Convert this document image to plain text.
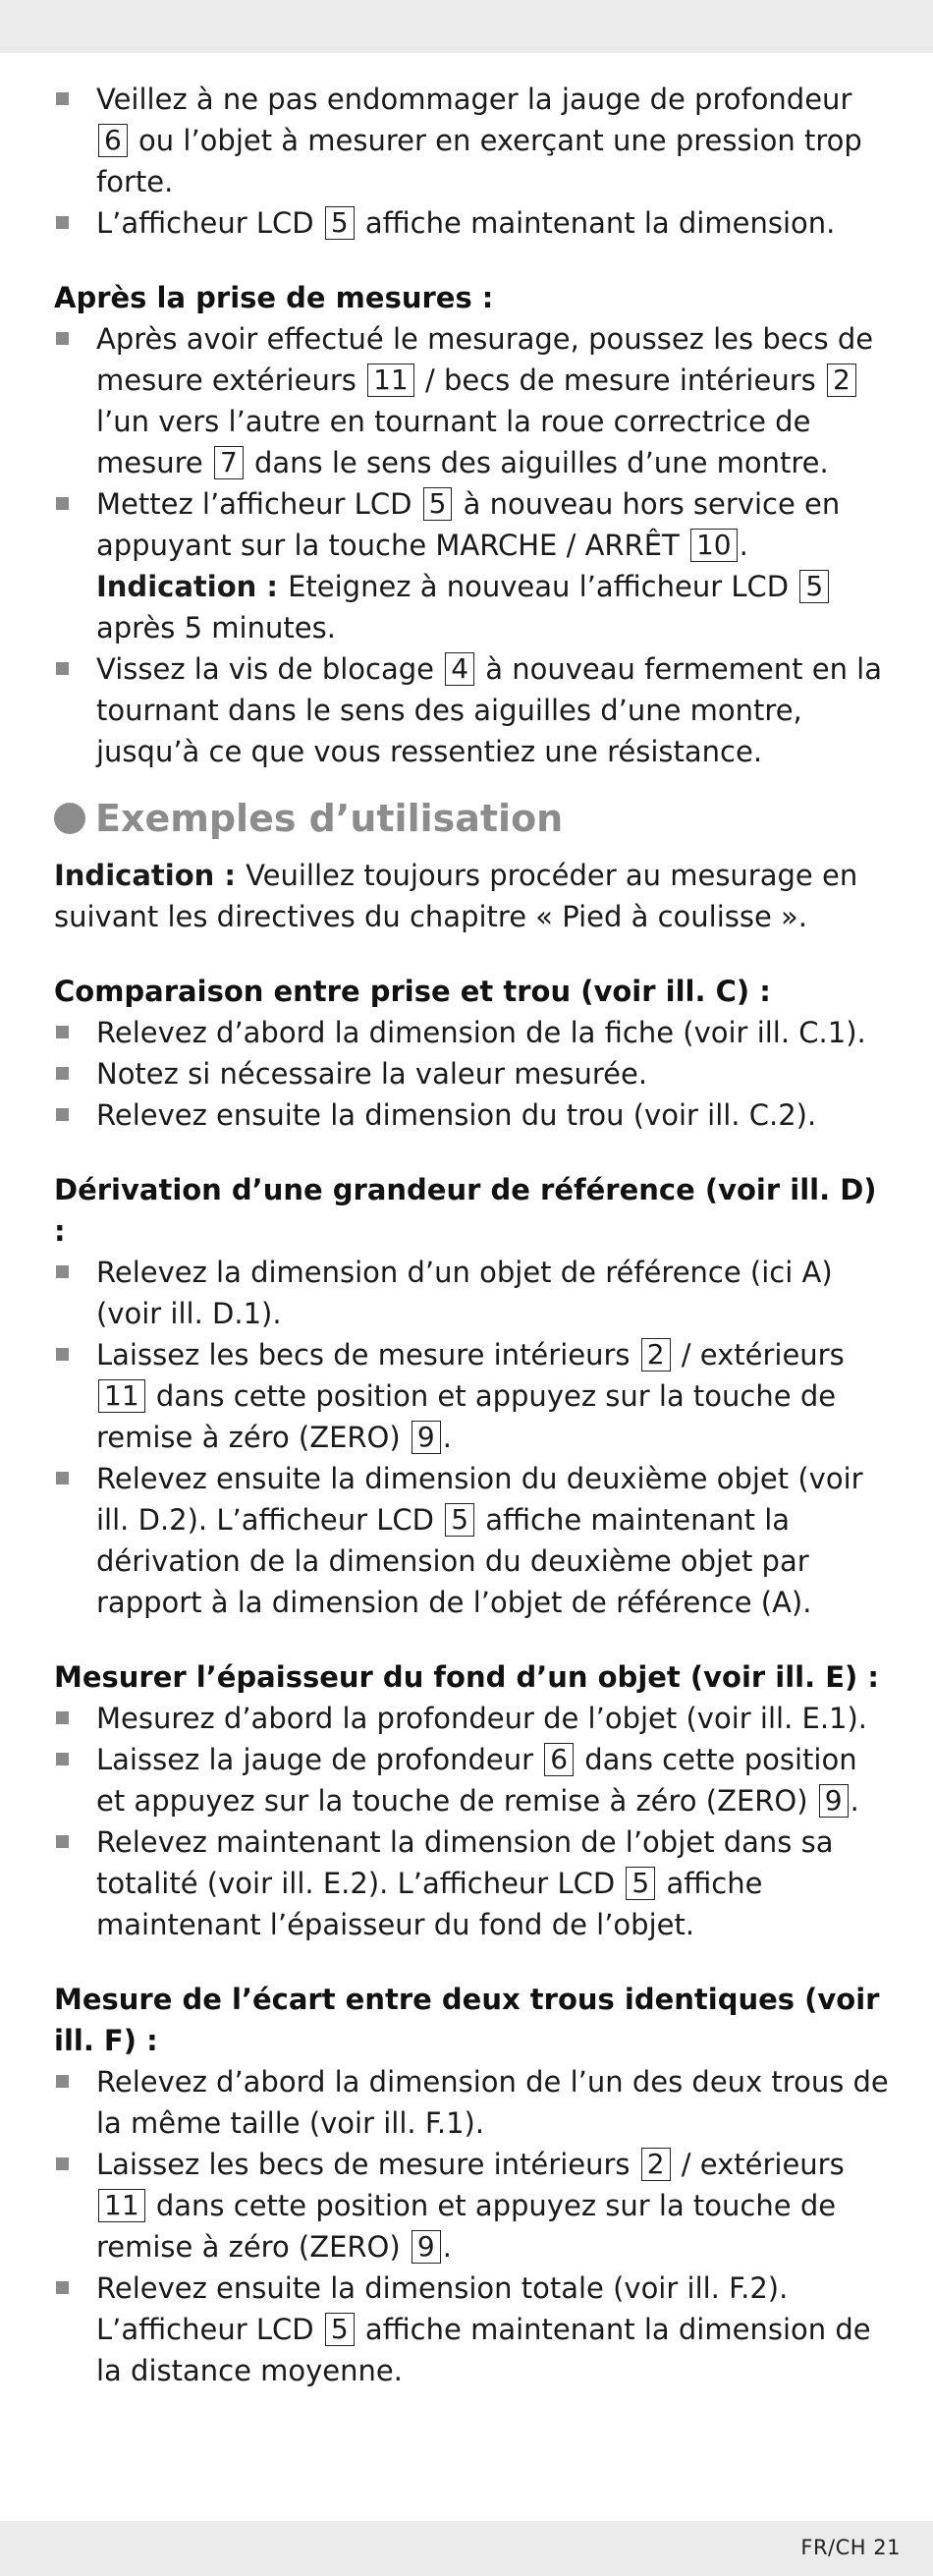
Veillez à ne pas endommager la jauge de profondeur 6 ou l’objet à mesurer en exerçant une pression trop forte.
L’afficheur LCD 5 affiche maintenant la dimension.
Après la prise de mesures :
Après avoir effectué le mesurage, poussez les becs de mesure extérieurs 11 / becs de mesure intérieurs 2 l’un vers l’autre en tournant la roue correctrice de mesure 7 dans le sens des aiguilles d’une montre.
Mettez l’afficheur LCD 5 à nouveau hors service en appuyant sur la touche MARCHE / ARRÊT 10 .
Indication : Eteignez à nouveau l’afficheur LCD 5 après 5 minutes.
Vissez la vis de blocage 4 à nouveau fermement en la tournant dans le sens des aiguilles d’une montre, jusqu’à ce que vous ressentiez une résistance.
Exemples d’utilisation
Indication : Veuillez toujours procéder au mesurage en suivant les directives du chapitre « Pied à coulisse ».
Comparaison entre prise et trou (voir ill. C) :
Relevez d’abord la dimension de la fiche (voir ill. C.1).
Notez si nécessaire la valeur mesurée.
Relevez ensuite la dimension du trou (voir ill. C.2).
Dérivation d’une grandeur de référence (voir ill. D) :
Relevez la dimension d’un objet de référence (ici A) (voir ill. D.1).
Laissez les becs de mesure intérieurs 2 / extérieurs 11 dans cette position et appuyez sur la touche de remise à zéro (ZERO) 9 .
Relevez ensuite la dimension du deuxième objet (voir ill. D.2). L’afficheur LCD 5 affiche maintenant la dérivation de la dimension du deuxième objet par rapport à la dimension de l’objet de référence (A).
Mesurer l’épaisseur du fond d’un objet (voir ill. E) :
Mesurez d’abord la profondeur de l’objet (voir ill. E.1).
Laissez la jauge de profondeur 6 dans cette position et appuyez sur la touche de remise à zéro (ZERO) 9 .
Relevez maintenant la dimension de l’objet dans sa totalité (voir ill. E.2). L’afficheur LCD 5 affiche maintenant l’épaisseur du fond de l’objet.
Mesure de l’écart entre deux trous identiques (voir ill. F) :
Relevez d’abord la dimension de l’un des deux trous de la même taille (voir ill. F.1).
Laissez les becs de mesure intérieurs 2 / extérieurs 11 dans cette position et appuyez sur la touche de remise à zéro (ZERO) 9 .
Relevez ensuite la dimension totale (voir ill. F.2). L’afficheur LCD 5 affiche maintenant la dimension de la distance moyenne.
FR/CH 21
